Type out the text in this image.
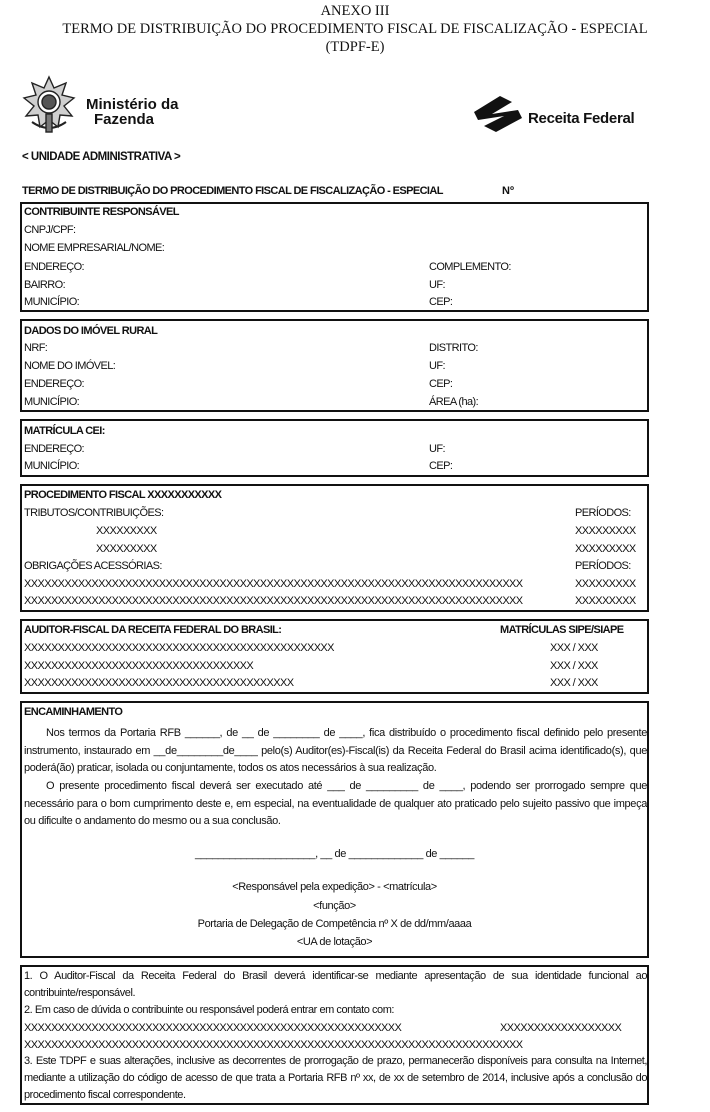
ANEXO III
TERMO DE DISTRIBUIÇÃO DO PROCEDIMENTO FISCAL DE FISCALIZAÇÃO - ESPECIAL
(TDPF-E)
Ministério da
Fazenda	Receita Federal
< UNIDADE ADMINISTRATIVA >
TERMO DE DISTRIBUIÇÃO DO PROCEDIMENTO FISCAL DE FISCALIZAÇÃO - ESPECIAL	Nº
CONTRIBUINTE RESPONSÁVEL
CNPJ/CPF:
NOME EMPRESARIAL/NOME:
ENDEREÇO:	COMPLEMENTO:
BAIRRO:	UF:
MUNICÍPIO:	CEP:
DADOS DO IMÓVEL RURAL
NRF:	DISTRITO:
NOME DO IMÓVEL:	UF:
ENDEREÇO:	CEP:
MUNICÍPIO:	ÁREA (ha):
MATRÍCULA CEI:
ENDEREÇO:	UF:
MUNICÍPIO:	CEP:
PROCEDIMENTO FISCAL XXXXXXXXXXX
TRIBUTOS/CONTRIBUIÇÕES:	PERÍODOS:
XXXXXXXXX	XXXXXXXXX
XXXXXXXXX	XXXXXXXXX
OBRIGAÇÕES ACESSÓRIAS:	PERÍODOS:
XXXXXXXXXXXXXXXXXXXXXXXXXXXXXXXXXXXXXXXXXXXXXXXXXXXXXXXXXXXXXXXXXXXXXXXXXX	XXXXXXXXX
XXXXXXXXXXXXXXXXXXXXXXXXXXXXXXXXXXXXXXXXXXXXXXXXXXXXXXXXXXXXXXXXXXXXXXXXXX	XXXXXXXXX
AUDITOR-FISCAL DA RECEITA FEDERAL DO BRASIL:	MATRÍCULAS SIPE/SIAPE
XXXXXXXXXXXXXXXXXXXXXXXXXXXXXXXXXXXXXXXXXXXXXX	XXX / XXX
XXXXXXXXXXXXXXXXXXXXXXXXXXXXXXXXXX	XXX / XXX
XXXXXXXXXXXXXXXXXXXXXXXXXXXXXXXXXXXXXXXX	XXX / XXX
ENCAMINHAMENTO
Nos termos da Portaria RFB ______, de __ de ________ de ____, fica distribuído o procedimento fiscal definido pelo presente instrumento, instaurado em __de________de____ pelo(s) Auditor(es)-Fiscal(is) da Receita Federal do Brasil acima identificado(s), que poderá(ão) praticar, isolada ou conjuntamente, todos os atos necessários à sua realização.
O presente procedimento fiscal deverá ser executado até ___ de _________ de ____, podendo ser prorrogado sempre que necessário para o bom cumprimento deste e, em especial, na eventualidade de qualquer ato praticado pelo sujeito passivo que impeça ou dificulte o andamento do mesmo ou a sua conclusão.
_____________________, __ de _____________ de ______
<Responsável pela expedição> - <matrícula>
<função>
Portaria de Delegação de Competência nº X de dd/mm/aaaa
<UA de lotação>
1. O Auditor-Fiscal da Receita Federal do Brasil deverá identificar-se mediante apresentação de sua identidade funcional ao contribuinte/responsável.
2. Em caso de dúvida o contribuinte ou responsável poderá entrar em contato com:
XXXXXXXXXXXXXXXXXXXXXXXXXXXXXXXXXXXXXXXXXXXXXXXXXXXXXXXX	XXXXXXXXXXXXXXXXXX
XXXXXXXXXXXXXXXXXXXXXXXXXXXXXXXXXXXXXXXXXXXXXXXXXXXXXXXXXXXXXXXXXXXXXXXXXX
3. Este TDPF e suas alterações, inclusive as decorrentes de prorrogação de prazo, permanecerão disponíveis para consulta na Internet, mediante a utilização do código de acesso de que trata a Portaria RFB nº xx, de xx de setembro de 2014, inclusive após a conclusão do procedimento fiscal correspondente.
